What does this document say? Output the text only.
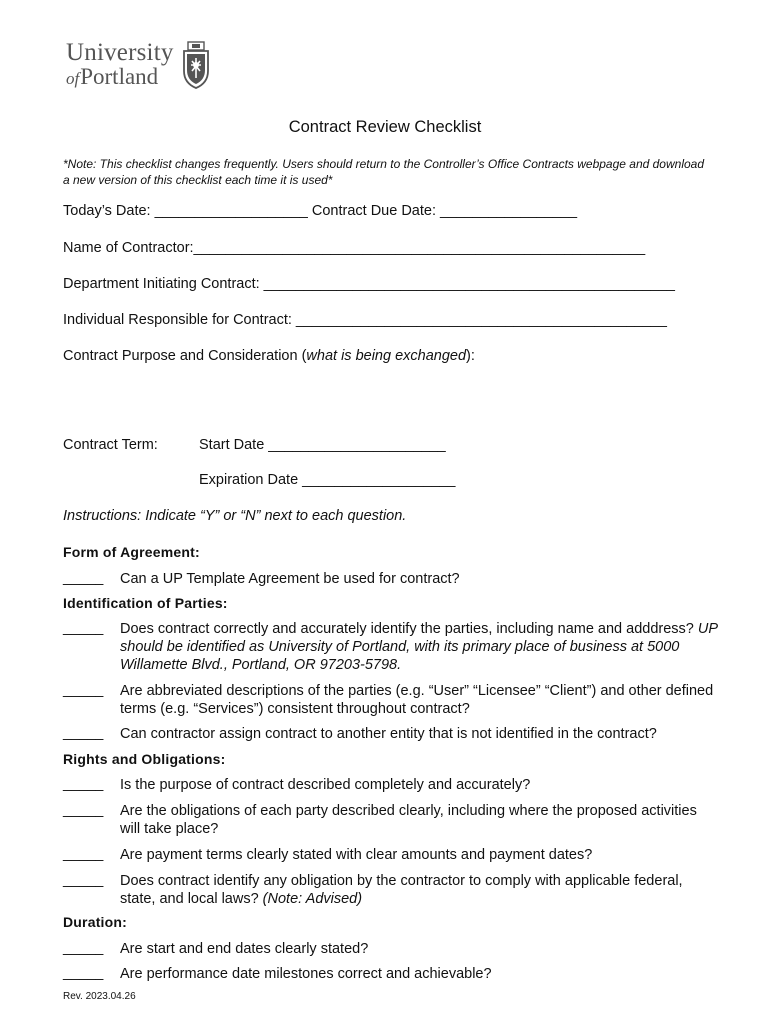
University
ofPortland
Contract Review Checklist
*Note: This checklist changes frequently. Users should return to the Controller’s Office Contracts webpage and download a new version of this checklist each time it is used*
Today’s Date: ___________________ Contract Due Date: _________________
Name of Contractor:________________________________________________________
Department Initiating Contract: ___________________________________________________
Individual Responsible for Contract: ______________________________________________
Contract Purpose and Consideration (what is being exchanged):
Contract Term:	Start Date ______________________
Expiration Date ___________________
Instructions: Indicate “Y” or “N” next to each question.
Form of Agreement:
_____ Can a UP Template Agreement be used for contract?
Identification of Parties:
_____ Does contract correctly and accurately identify the parties, including name and adddress? UP should be identified as University of Portland, with its primary place of business at 5000 Willamette Blvd., Portland, OR 97203-5798.
_____ Are abbreviated descriptions of the parties (e.g. “User” “Licensee” “Client”) and other defined terms (e.g. “Services”) consistent throughout contract?
_____ Can contractor assign contract to another entity that is not identified in the contract?
Rights and Obligations:
_____ Is the purpose of contract described completely and accurately?
_____ Are the obligations of each party described clearly, including where the proposed activities will take place?
_____ Are payment terms clearly stated with clear amounts and payment dates?
_____ Does contract identify any obligation by the contractor to comply with applicable federal, state, and local laws? (Note: Advised)
Duration:
_____ Are start and end dates clearly stated?
_____ Are performance date milestones correct and achievable?
Rev. 2023.04.26
